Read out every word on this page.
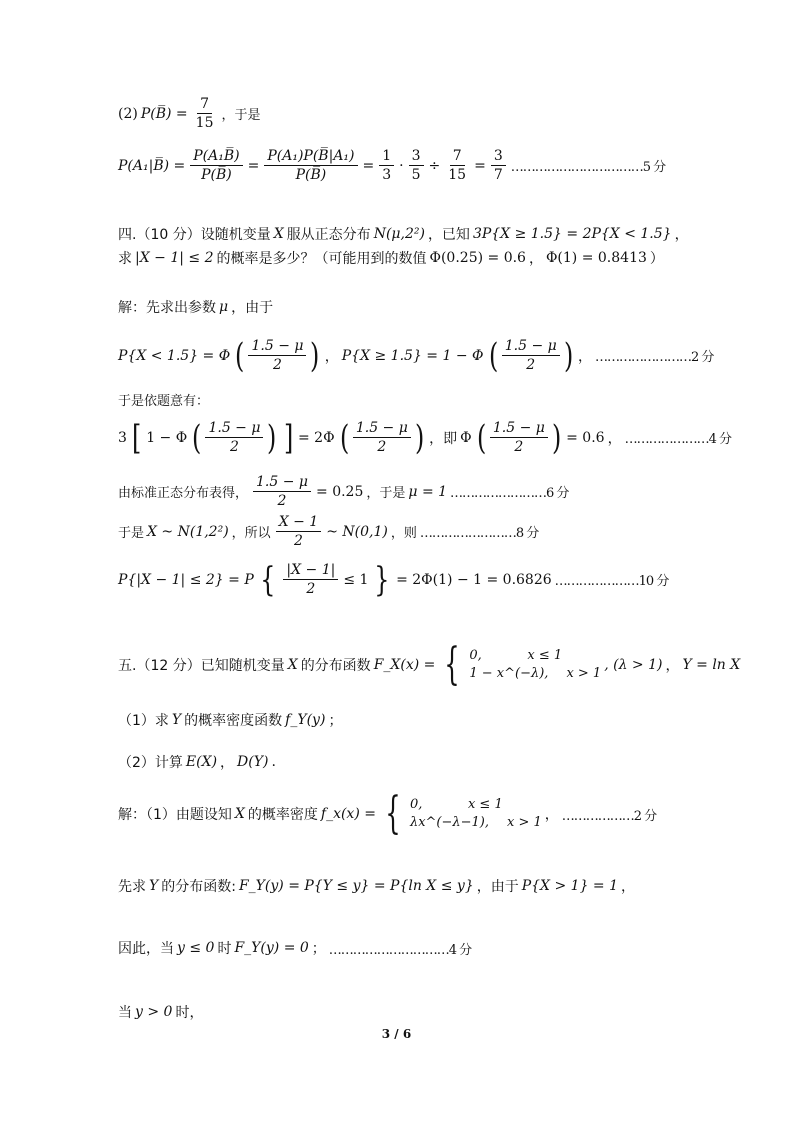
(2) P(B̅) = $\frac{7}{15}$ ，于是
P(A₁|B̅) = $\frac{\text{P(A₁B̅)}}{P(B̅)} = \frac{\text{P(A₁)P(B̅|A₁)}}{P(B̅)} = \frac{1}{3} \cdot \frac{3}{5} \div \frac{7}{15} = \frac{3}{7}$ ……………………………5 分
四.（10 分）设随机变量 X 服从正态分布 N(μ,2²) ，已知 3P{X ≥ 1.5} = 2P{X < 1.5} ，
求 |X − 1| ≤ 2 的概率是多少？（可能用到的数值 Φ(0.25) = 0.6 ， Φ(1) = 0.8413 ）
解：先求出参数 μ ，由于
P{X < 1.5} = Φ ( $\frac{1.5 - \mu}{2}$ ) ， P{X ≥ 1.5} = 1 − Φ ( $\frac{1.5 - \mu}{2}$ ) ， ……………………2 分
于是依题意有：
3 [ 1 − Φ ( $\frac{1.5 - \mu}{2}$ ) ] = 2Φ ( $\frac{1.5 - \mu}{2}$ ) ，即 Φ ( $\frac{1.5 - \mu}{2}$ ) = 0.6 ， …………………4 分
由标准正态分布表得， $\frac{1.5 - \mu}{2} = 0.25$ ，于是 μ = 1 ……………………6 分
于是 X ~ N(1,2²) ，所以 $\frac{X - 1}{2}$ ~ N(0,1) ，则 ……………………8 分
P{|X − 1| ≤ 2} = P { $\frac{|X - 1|}{2} \le 1$ } = 2Φ(1) − 1 = 0.6826 …………………10 分
五.（12 分）已知随机变量 X 的分布函数 F_X(x) = { 0,	x ≤ 1
1 − x^(−λ), x > 1
, (λ > 1) ， Y = ln X
（1）求 Y 的概率密度函数 f_Y(y) ；
（2）计算 E(X) ， D(Y) .
解：（1）由题设知 X 的概率密度 f_x(x) = { 0,	x ≤ 1
λx^(−λ−1), x > 1 ， ………………2 分
先求 Y 的分布函数: F_Y(y) = P{Y ≤ y} = P{ln X ≤ y} ，由于 P{X > 1} = 1 ，
因此，当 y ≤ 0 时 F_Y(y) = 0 ； …………………………4 分
当 y > 0 时，
3 / 6
